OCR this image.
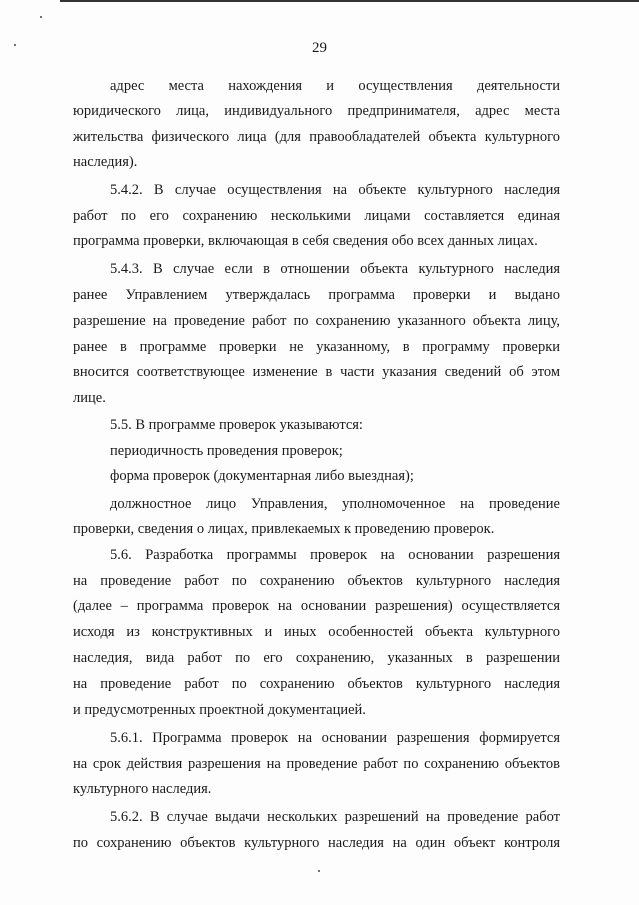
29
адрес места нахождения и осуществления деятельности
юридического лица, индивидуального предпринимателя, адрес места
жительства физического лица (для правообладателей объекта культурного
наследия).
5.4.2. В случае осуществления на объекте культурного наследия
работ по его сохранению несколькими лицами составляется единая
программа проверки, включающая в себя сведения обо всех данных лицах.
5.4.3. В случае если в отношении объекта культурного наследия
ранее Управлением утверждалась программа проверки и выдано
разрешение на проведение работ по сохранению указанного объекта лицу,
ранее в программе проверки не указанному, в программу проверки
вносится соответствующее изменение в части указания сведений об этом
лице.
5.5. В программе проверок указываются:
периодичность проведения проверок;
форма проверок (документарная либо выездная);
должностное лицо Управления, уполномоченное на проведение
проверки, сведения о лицах, привлекаемых к проведению проверок.
5.6. Разработка программы проверок на основании разрешения
на проведение работ по сохранению объектов культурного наследия
(далее – программа проверок на основании разрешения) осуществляется
исходя из конструктивных и иных особенностей объекта культурного
наследия, вида работ по его сохранению, указанных в разрешении
на проведение работ по сохранению объектов культурного наследия
и предусмотренных проектной документацией.
5.6.1. Программа проверок на основании разрешения формируется
на срок действия разрешения на проведение работ по сохранению объектов
культурного наследия.
5.6.2. В случае выдачи нескольких разрешений на проведение работ
по сохранению объектов культурного наследия на один объект контроля
